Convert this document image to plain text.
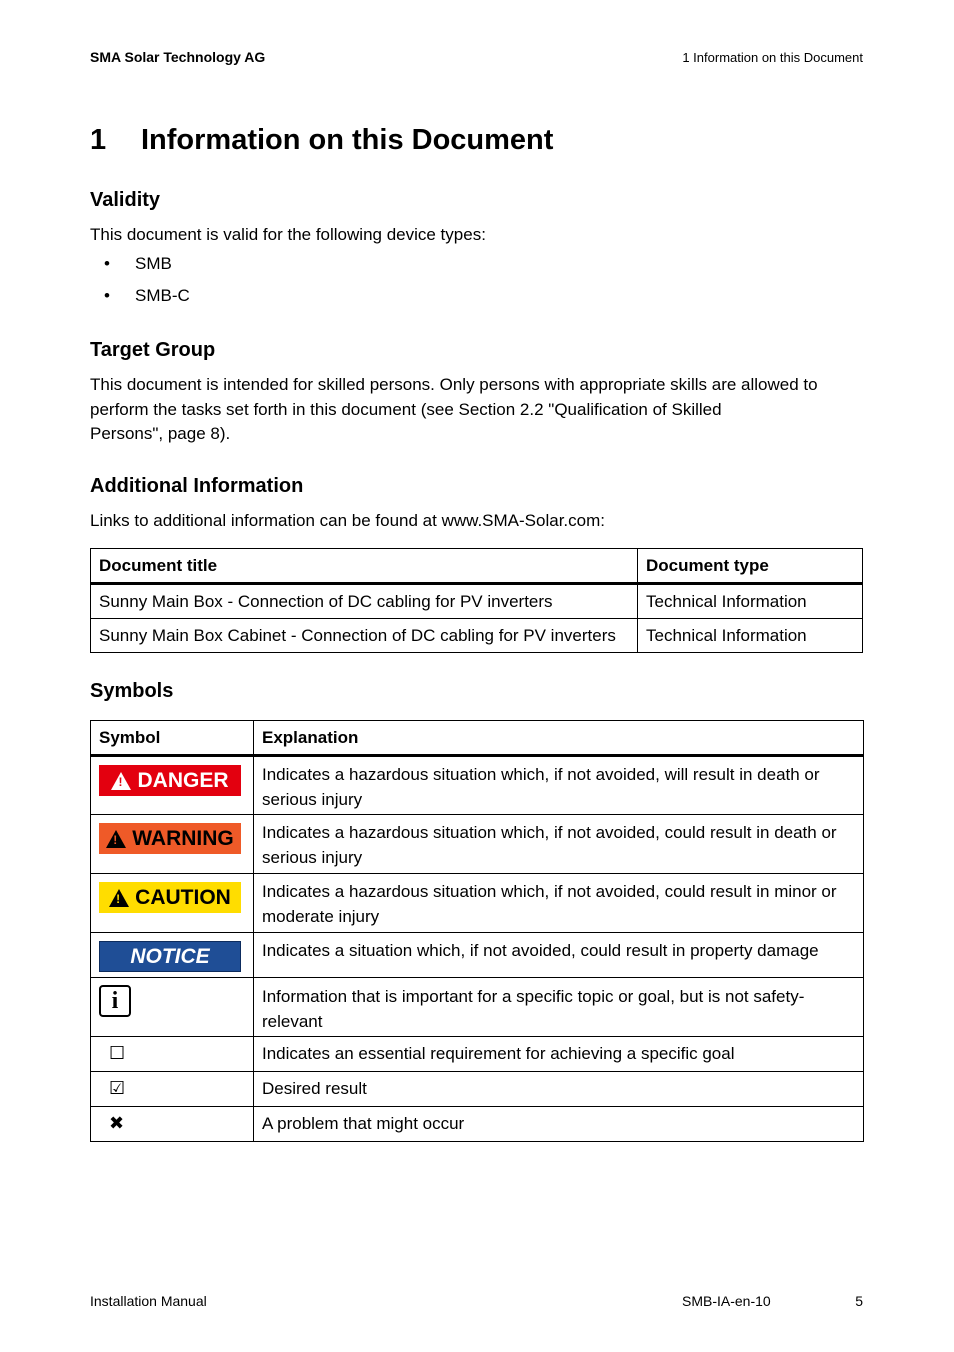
SMA Solar Technology AG	1 Information on this Document
1 Information on this Document
Validity

This document is valid for the following device types:

• SMB
• SMB-C
Target Group

This document is intended for skilled persons. Only persons with appropriate skills are allowed to
perform the tasks set forth in this document (see Section 2.2 "Qualification of Skilled
Persons", page 8).

Additional Information

Links to additional information can be found at www.SMA-Solar.com:

Document title	Document type
Sunny Main Box - Connection of DC cabling for PV inverters	Technical Information
Sunny Main Box Cabinet - Connection of DC cabling for PV inverters	Technical Information
Symbols
Symbol	Explanation

! DANGER	Indicates a hazardous situation which, if not avoided, will result in death or serious injury

! WARNING	Indicates a hazardous situation which, if not avoided, could result in death or serious injury

! CAUTION	Indicates a hazardous situation which, if not avoided, could result in minor or moderate injury

NOTICE	Indicates a situation which, if not avoided, could result in property damage

i	Information that is important for a specific topic or goal, but is not safety-relevant
☐	Indicates an essential requirement for achieving a specific goal
☑	Desired result
✖	A problem that might occur
Installation Manual	SMB-IA-en-10	5
